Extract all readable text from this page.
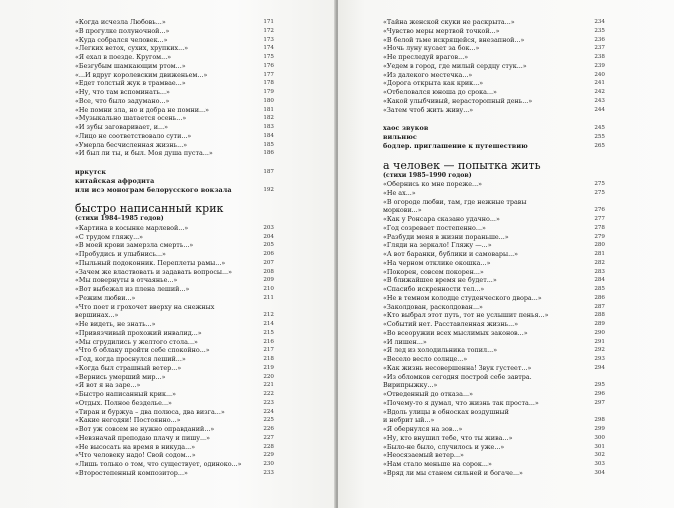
«Когда исчезла Любовь...»	171
«В прогулке полуночной...»	172
«Куда собрался человек...»	173
«Легких ветох, сухих, хрупких...»	174
«Я ехал в поезде. Кругом...»	175
«Безгубым шамкающим ртом...»	176
«...И вдруг королевским движеньем...»	177
«Едет толстый жук в трамвае...»	178
«Ну, что там вспоминать...»	179
«Все, что было задумано...»	180
«Не помни зла, но и добра не помни...»	181
«Музыкально шатается осень...»	182
«И зубы заговаривает, и...»	183
«Лицо не соответствовало сути...»	184
«Умерла бесчисленная жизнь...»	185
«И был ли ты, и был. Моя душа пуста...»	186
иркутск	187
китайская афродита
или исэ монограм белорусского вокзала	192
быстро написанный крик
(стихи 1984–1985 годов)
«Картина в косынке марлевой...»	203
«С трудом гляжу...»	204
«В моей крови замерзла смерть...»	205
«Пробудись и улыбнись...»	206
«Пыльный подоконник. Переплеты рамы...»	207
«Зачем же властвовать и задавать вопросы...»	208
«Мы повернуты в отчаянье...»	209
«Вот выбежал из плена леший...»	210
«Режим любви...»	211
«Что поет и грохочет вверху на снежных
вершинах...»	212
«Не видеть, не знать...»	214
«Привязчивый прохожий инвалид...»	215
«Мы сгрудились у желтого стола...»	216
«Что б облаку пройти себе спокойно...»	217
«Год, когда проснулся леший...»	218
«Когда был страшный ветер...»	219
«Вернись умерший мир...»	220
«Я вот я на заре...»	221
«Быстро написанный крик...»	222
«Отдых. Полное безделье...»	223
«Тиран и буржуа – два полюса, два визга...»	224
«Какие негодяи! Постоянно...»	225
«Вот уж совсем не нужно оправданий...»	226
«Невзначай преподаю плачу и пишу...»	227
«Не высосать на время в никуда...»	228
«Что человеку надо! Свой содом...»	229
«Лишь только о том, что существует, одиноко...»	230
«Второстепенный композитор...»	233
«Тайна женской скуки не раскрыта...»	234
«Чувство меры мертвой точкой...»	235
«В белой тьме искрящейся, внезапной...»	236
«Ночь луну кусает за бок...»	237
«Не преследуй врагов...»	238
«Уедем в город, где милый сердцу стук...»	239
«Из далекого местечка...»	240
«Дорога открыта как крик...»	241
«Отбеловался юноша до срока...»	242
«Какой улыбчивый, нерасторопный день...»	243
«Затем чтоб жить живу...»	244
хаос звуков	245
вильнюс	255
бодлер. приглашение к путешествию	265
а человек — попытка жить
(стихи 1985–1990 годов)
«Обернись ко мне пореже...»	275
«Не ах...»	275
«В огороде любви, там, где нежные травы
моркови...»	276
«Как у Ронсара сказано удачно...»	277
«Год созревает постепенно...»	278
«Разбуди меня в жизни пораньше...»	279
«Гляди на зеркало! Гляжу —...»	280
«А вот баранки, бублики и самовары...»	281
«На черном отклике окошка...»	282
«Покорен, совсем покорен...»	283
«В ближайшее время не будет...»	284
«Спасибо искренности тел...»	285
«Не в темном колодце студенческого двора...»	286
«Заколдован, расколдован...»	287
«Кто выбрал этот путь, тот не услышит пенья...»	288
«Событий нет. Расставленная жизнь...»	289
«Во всеоружии всех мыслимых законов...»	290
«И лишен...»	291
«Я лед из холодильника топил...»	292
«Весело весло солнце...»	293
«Как жизнь несовершенна! Звук густеет...»	294
«Из обломков сегодня построй себе завтра.
Вирипрыжку...»	295
«Отведенный до отказа...»	296
«Почему-то я думал, что жизнь так проста...»	297
«Вдоль улицы в обносках воздушный
и небрит ый...»	298
«Я обернулся на зов...»	299
«Ну, кто внушил тебе, что ты жива...»	300
«Было-не было, случилось и уже...»	301
«Неосязаемый ветер...»	302
«Нам стало меньше на сорок...»	303
«Вряд ли мы станем сильней и богаче...»	304
